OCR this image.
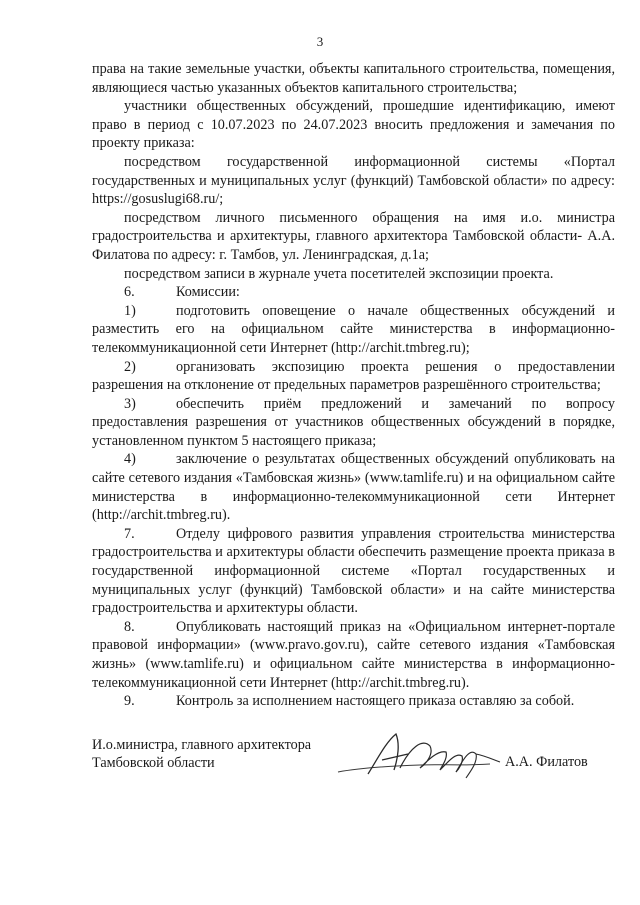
3

права на такие земельные участки, объекты капитального строительства, помещения, являющиеся частью указанных объектов капитального строительства;

участники общественных обсуждений, прошедшие идентификацию, имеют право в период с 10.07.2023 по 24.07.2023 вносить предложения и замечания по проекту приказа:

посредством государственной информационной системы «Портал государственных и муниципальных услуг (функций) Тамбовской области» по адресу: https://gosuslugi68.ru/;

посредством личного письменного обращения на имя и.о. министра градостроительства и архитектуры, главного архитектора Тамбовской области- А.А. Филатова по адресу: г. Тамбов, ул. Ленинградская, д.1а;

посредством записи в журнале учета посетителей экспозиции проекта.

6.	Комиссии:

1)	подготовить оповещение о начале общественных обсуждений и разместить его на официальном сайте министерства в информационно-телекоммуникационной сети Интернет (http://archit.tmbreg.ru);

2)	организовать экспозицию проекта решения о предоставлении разрешения на отклонение от предельных параметров разрешённого строительства;

3)	обеспечить приём предложений и замечаний по вопросу предоставления разрешения от участников общественных обсуждений в порядке, установленном пунктом 5 настоящего приказа;

4)	заключение о результатах общественных обсуждений опубликовать на сайте сетевого издания «Тамбовская жизнь» (www.tamlife.ru) и на официальном сайте министерства в информационно-телекоммуникационной сети Интернет (http://archit.tmbreg.ru).

7.	Отделу цифрового развития управления строительства министерства градостроительства и архитектуры области обеспечить размещение проекта приказа в государственной информационной системе «Портал государственных и муниципальных услуг (функций) Тамбовской области» и на сайте министерства градостроительства и архитектуры области.

8.	Опубликовать настоящий приказ на «Официальном интернет-портале правовой информации» (www.pravo.gov.ru), сайте сетевого издания «Тамбовская жизнь» (www.tamlife.ru) и официальном сайте министерства в информационно-телекоммуникационной сети Интернет (http://archit.tmbreg.ru).

9.	Контроль за исполнением настоящего приказа оставляю за собой.

И.о.министра, главного архитектора
Тамбовской области	А.А. Филатов
